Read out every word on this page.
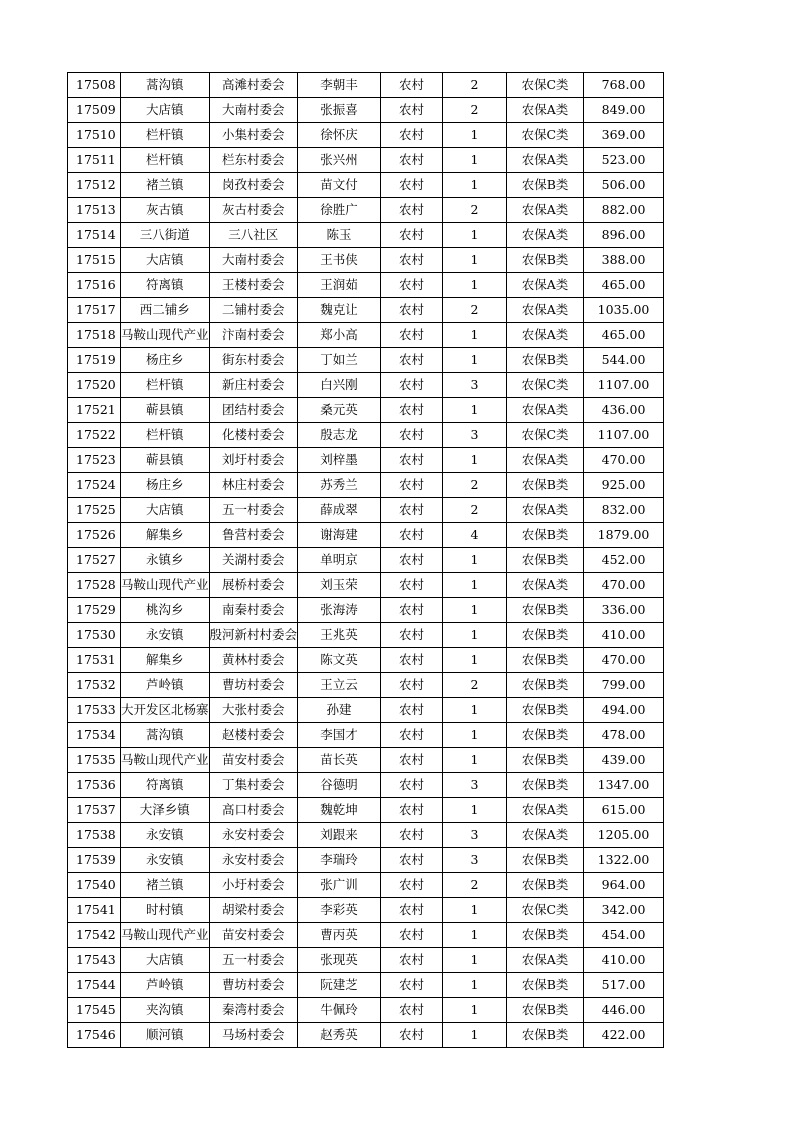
17508	蒿沟镇	高滩村委会	李朝丰	农村	2	农保C类	768.00
17509	大店镇	大南村委会	张振喜	农村	2	农保A类	849.00
17510	栏杆镇	小集村委会	徐怀庆	农村	1	农保C类	369.00
17511	栏杆镇	栏东村委会	张兴州	农村	1	农保A类	523.00
17512	褚兰镇	岗孜村委会	苗文付	农村	1	农保B类	506.00
17513	灰古镇	灰古村委会	徐胜广	农村	2	农保A类	882.00
17514	三八街道	三八社区	陈玉	农村	1	农保A类	896.00
17515	大店镇	大南村委会	王书侠	农村	1	农保B类	388.00
17516	符离镇	王楼村委会	王润茹	农村	1	农保A类	465.00
17517	西二铺乡	二铺村委会	魏克让	农村	2	农保A类	1035.00
17518	马鞍山现代产业	汴南村委会	郑小高	农村	1	农保A类	465.00
17519	杨庄乡	街东村委会	丁如兰	农村	1	农保B类	544.00
17520	栏杆镇	新庄村委会	白兴刚	农村	3	农保C类	1107.00
17521	蕲县镇	团结村委会	桑元英	农村	1	农保A类	436.00
17522	栏杆镇	化楼村委会	殷志龙	农村	3	农保C类	1107.00
17523	蕲县镇	刘圩村委会	刘梓墨	农村	1	农保A类	470.00
17524	杨庄乡	林庄村委会	苏秀兰	农村	2	农保B类	925.00
17525	大店镇	五一村委会	薛成翠	农村	2	农保A类	832.00
17526	解集乡	鲁营村委会	谢海建	农村	4	农保B类	1879.00
17527	永镇乡	关湖村委会	单明京	农村	1	农保B类	452.00
17528	马鞍山现代产业	展桥村委会	刘玉荣	农村	1	农保A类	470.00
17529	桃沟乡	南秦村委会	张海涛	农村	1	农保B类	336.00
17530	永安镇	殷河新村村委会	王兆英	农村	1	农保B类	410.00
17531	解集乡	黄林村委会	陈文英	农村	1	农保B类	470.00
17532	芦岭镇	曹坊村委会	王立云	农村	2	农保B类	799.00
17533	大开发区北杨寨	大张村委会	孙建	农村	1	农保B类	494.00
17534	蒿沟镇	赵楼村委会	李国才	农村	1	农保B类	478.00
17535	马鞍山现代产业	苗安村委会	苗长英	农村	1	农保B类	439.00
17536	符离镇	丁集村委会	谷德明	农村	3	农保B类	1347.00
17537	大泽乡镇	高口村委会	魏乾坤	农村	1	农保A类	615.00
17538	永安镇	永安村委会	刘跟来	农村	3	农保A类	1205.00
17539	永安镇	永安村委会	李瑞玲	农村	3	农保B类	1322.00
17540	褚兰镇	小圩村委会	张广训	农村	2	农保B类	964.00
17541	时村镇	胡梁村委会	李彩英	农村	1	农保C类	342.00
17542	马鞍山现代产业	苗安村委会	曹丙英	农村	1	农保B类	454.00
17543	大店镇	五一村委会	张现英	农村	1	农保A类	410.00
17544	芦岭镇	曹坊村委会	阮建芝	农村	1	农保B类	517.00
17545	夹沟镇	秦湾村委会	牛佩玲	农村	1	农保B类	446.00
17546	顺河镇	马场村委会	赵秀英	农村	1	农保B类	422.00
